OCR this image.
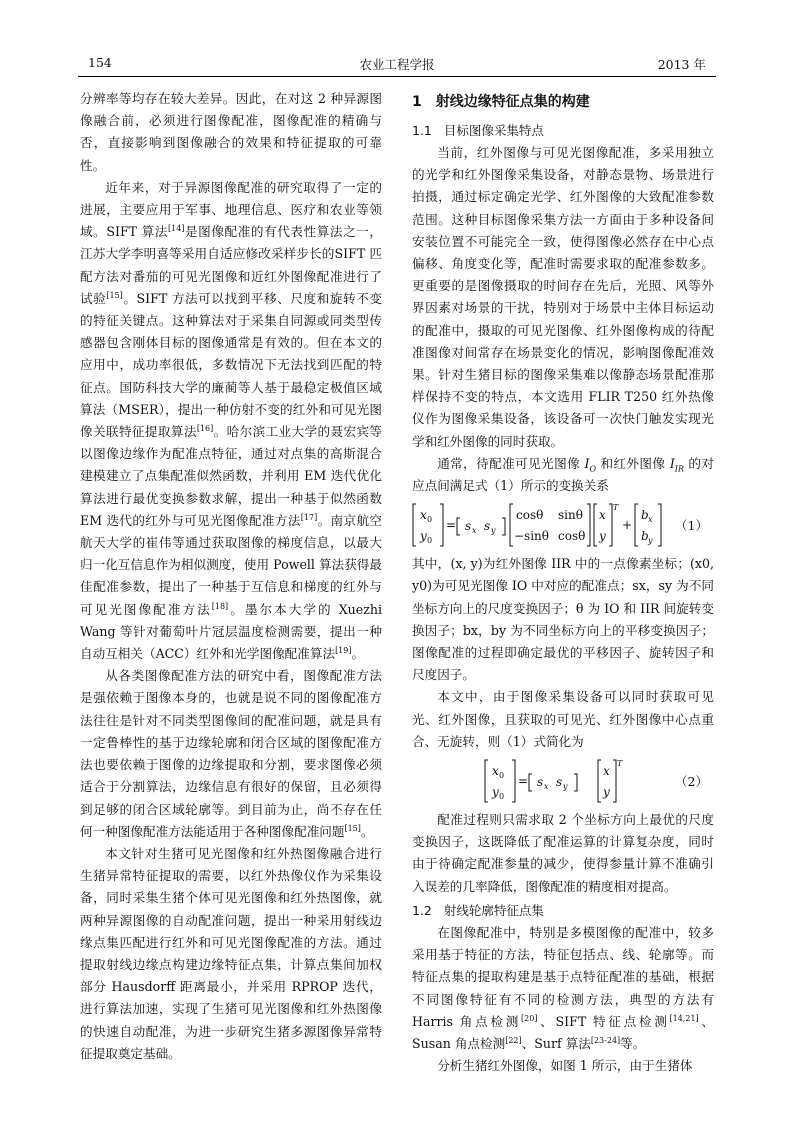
154	农业工程学报	2013 年

分辨率等均存在较大差异。因此，在对这 2 种异源图像融合前，必须进行图像配准，图像配准的精确与否，直接影响到图像融合的效果和特征提取的可靠性。

近年来，对于异源图像配准的研究取得了一定的进展，主要应用于军事、地理信息、医疗和农业等领域。SIFT 算法[14]是图像配准的有代表性算法之一，江苏大学李明喜等采用自适应修改采样步长的SIFT 匹配方法对番茄的可见光图像和近红外图像配准进行了试验[15]。SIFT 方法可以找到平移、尺度和旋转不变的特征关键点。这种算法对于采集自同源或同类型传感器包含刚体目标的图像通常是有效的。但在本文的应用中，成功率很低，多数情况下无法找到匹配的特征点。国防科技大学的廉蔺等人基于最稳定极值区域算法（MSER），提出一种仿射不变的红外和可见光图像关联特征提取算法[16]。哈尔滨工业大学的聂宏宾等以图像边缘作为配准点特征，通过对点集的高斯混合建模建立了点集配准似然函数，并利用 EM 迭代优化算法进行最优变换参数求解，提出一种基于似然函数 EM 迭代的红外与可见光图像配准方法[17]。南京航空航天大学的崔伟等通过获取图像的梯度信息，以最大归一化互信息作为相似测度，使用 Powell 算法获得最佳配准参数，提出了一种基于互信息和梯度的红外与可见光图像配准方法[18]。墨尔本大学的 Xuezhi Wang 等针对葡萄叶片冠层温度检测需要，提出一种自动互相关（ACC）红外和光学图像配准算法[19]。

从各类图像配准方法的研究中看，图像配准方法是强依赖于图像本身的，也就是说不同的图像配准方法往往是针对不同类型图像间的配准问题，就是具有一定鲁棒性的基于边缘轮廓和闭合区域的图像配准方法也要依赖于图像的边缘提取和分割，要求图像必须适合于分割算法，边缘信息有很好的保留，且必须得到足够的闭合区域轮廓等。到目前为止，尚不存在任何一种图像配准方法能适用于各种图像配准问题[15]。

本文针对生猪可见光图像和红外热图像融合进行生猪异常特征提取的需要，以红外热像仪作为采集设备，同时采集生猪个体可见光图像和红外热图像，就两种异源图像的自动配准问题，提出一种采用射线边缘点集匹配进行红外和可见光图像配准的方法。通过提取射线边缘点构建边缘特征点集，计算点集间加权部分 Hausdorff 距离最小，并采用 RPROP 迭代，进行算法加速，实现了生猪可见光图像和红外热图像的快速自动配准，为进一步研究生猪多源图像异常特征提取奠定基础。

1　射线边缘特征点集的构建
1.1 目标图像采集特点

当前，红外图像与可见光图像配准，多采用独立的光学和红外图像采集设备，对静态景物、场景进行拍摄，通过标定确定光学、红外图像的大致配准参数范围。这种目标图像采集方法一方面由于多种设备间安装位置不可能完全一致，使得图像必然存在中心点偏移、角度变化等，配准时需要求取的配准参数多。更重要的是图像摄取的时间存在先后，光照、风等外界因素对场景的干扰，特别对于场景中主体目标运动的配准中，摄取的可见光图像、红外图像构成的待配准图像对间常存在场景变化的情况，影响图像配准效果。针对生猪目标的图像采集难以像静态场景配准那样保持不变的特点，本文选用 FLIR T250 红外热像仪作为图像采集设备，该设备可一次快门触发实现光学和红外图像的同时获取。

通常，待配准可见光图像 $I_O$ 和红外图像 $I_{IR}$ 的对应点间满足式（1）所示的变换关系

x 0
y 0
= s x s y
cosθ sinθ
−sinθ cosθ
x
y
T
+
b x
b y
（1）

其中，(x, y)为红外图像 IIR 中的一点像素坐标；(x0, y0)为可见光图像 IO 中对应的配准点；sx，sy 为不同坐标方向上的尺度变换因子；θ 为 IO 和 IIR 间旋转变换因子；bx，by 为不同坐标方向上的平移变换因子；图像配准的过程即确定最优的平移因子、旋转因子和尺度因子。

本文中，由于图像采集设备可以同时获取可见光、红外图像，且获取的可见光、红外图像中心点重合、无旋转，则（1）式简化为

x 0
y 0
= s x s y
x
y
T
（2）

配准过程则只需求取 2 个坐标方向上最优的尺度变换因子，这既降低了配准运算的计算复杂度，同时由于待确定配准参量的减少，使得参量计算不准确引入误差的几率降低，图像配准的精度相对提高。

1.2 射线轮廓特征点集

在图像配准中，特别是多模图像的配准中，较多采用基于特征的方法，特征包括点、线、轮廓等。而特征点集的提取构建是基于点特征配准的基础，根据不同图像特征有不同的检测方法，典型的方法有 Harris 角点检测[20]、SIFT 特征点检测[14,21]、Susan 角点检测[22]、Surf 算法[23-24]等。

分析生猪红外图像，如图 1 所示，由于生猪体
